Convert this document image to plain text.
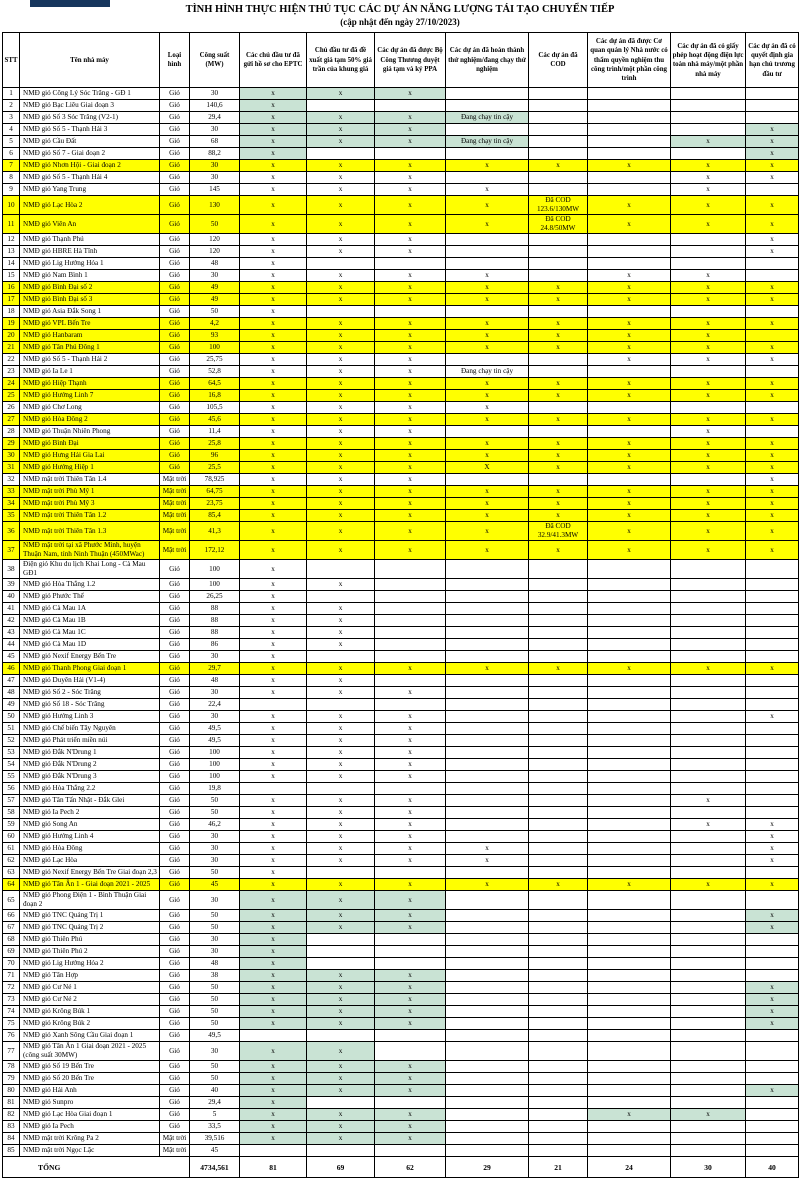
TÌNH HÌNH THỰC HIỆN THỦ TỤC CÁC DỰ ÁN NĂNG LƯỢNG TÁI TẠO CHUYỂN TIẾP
(cập nhật đến ngày 27/10/2023)
STT	Tên nhà máy	Loại hình	Công suất (MW)	Các chủ đầu tư đã gửi hồ sơ cho EPTC	Chủ đầu tư đã đề xuất giá tạm 50% giá trần của khung giá	Các dự án đã được Bộ Công Thương duyệt giá tạm và ký PPA	Các dự án đã hoàn thành thử nghiệm/đang chạy thử nghiệm	Các dự án đã COD	Các dự án đã được Cơ quan quản lý Nhà nước có thẩm quyền nghiệm thu công trình/một phần công trình	Các dự án đã có giấy phép hoạt động điện lực toàn nhà máy/một phần nhà máy	Các dự án đã có quyết định gia hạn chủ trương đầu tư
1	NMĐ gió Công Lý Sóc Trăng - GĐ 1	Gió	30	x	x	x					
2	NMĐ gió Bạc Liêu Giai đoạn 3	Gió	140,6	x							
3	NMĐ gió Số 3 Sóc Trăng (V2-1)	Gió	29,4	x	x	x	Đang chạy tin cậy				
4	NMĐ gió Số 5 - Thạnh Hải 3	Gió	30	x	x	x					x
5	NMĐ gió Cầu Đất	Gió	68	x	x	x	Đang chạy tin cậy			x	x
6	NMĐ gió Số 7 - Giai đoạn 2	Gió	88,2	x							x
7	NMĐ gió Nhơn Hội - Giai đoạn 2	Gió	30	x	x	x	x	x	x	x	x
8	NMĐ gió Số 5 - Thạnh Hải 4	Gió	30	x	x	x				x	x
9	NMĐ gió Yang Trung	Gió	145	x	x	x	x			x	
10	NMĐ gió Lạc Hòa 2	Gió	130	x	x	x	x	Đã COD 123.6/130MW	x	x	x
11	NMĐ gió Viên An	Gió	50	x	x	x	x	Đã COD 24.8/50MW	x	x	x
12	NMĐ gió Thạnh Phú	Gió	120	x	x	x					x
13	NMĐ gió HBRE Hà Tĩnh	Gió	120	x	x	x					x
14	NMĐ gió Lig Hướng Hóa 1	Gió	48	x							
15	NMĐ gió Nam Bình 1	Gió	30	x	x	x	x		x	x	
16	NMĐ gió Bình Đại số 2	Gió	49	x	x	x	x	x	x	x	x
17	NMĐ gió Bình Đại số 3	Gió	49	x	x	x	x	x	x	x	x
18	NMĐ gió Asia Đắk Song 1	Gió	50	x							
19	NMĐ gió VPL Bến Tre	Gió	4,2	x	x	x	x	x	x	x	x
20	NMĐ gió Hanbaram	Gió	93	x	x	x	x	x	x	x	
21	NMĐ gió Tân Phú Đông 1	Gió	100	x	x	x	x	x	x	x	x
22	NMĐ gió Số 5 - Thạnh Hải 2	Gió	25,75	x	x	x			x	x	x
23	NMĐ gió Ia Le 1	Gió	52,8	x	x	x	Đang chạy tin cậy				
24	NMĐ gió Hiệp Thạnh	Gió	64,5	x	x	x	x	x	x	x	x
25	NMĐ gió Hướng Linh 7	Gió	16,8	x	x	x	x	x	x	x	x
26	NMĐ gió Chơ Long	Gió	105,5	x	x	x	x				
27	NMĐ gió Hòa Đông 2	Gió	45,6	x	x	x	x	x	x	x	x
28	NMĐ gió Thuận Nhiên Phong	Gió	11,4	x	x	x				x	
29	NMĐ gió Bình Đại	Gió	25,8	x	x	x	x	x	x	x	x
30	NMĐ gió Hưng Hải Gia Lai	Gió	96	x	x	x	x	x	x	x	x
31	NMĐ gió Hướng Hiệp 1	Gió	25,5	x	x	x	X	x	x	x	x
32	NMĐ mặt trời Thiên Tân 1.4	Mặt trời	78,925	x	x	x					x
33	NMĐ mặt trời Phù Mỹ 1	Mặt trời	64,75	x	x	x	x	x	x	x	x
34	NMĐ mặt trời Phù Mỹ 3	Mặt trời	23,75	x	x	x	x	x	x	x	x
35	NMĐ mặt trời Thiên Tân 1.2	Mặt trời	85,4	x	x	x	x	x	x	x	x
36	NMĐ mặt trời Thiên Tân 1.3	Mặt trời	41,3	x	x	x	x	Đã COD 32.9/41.3MW	x	x	x
37	NMĐ mặt trời tại xã Phước Minh, huyện Thuận Nam, tỉnh Ninh Thuận (450MWac)	Mặt trời	172,12	x	x	x	x	x	x	x	x
38	Điện gió Khu du lịch Khai Long - Cà Mau GĐ1	Gió	100	x							
39	NMĐ gió Hòa Thắng 1.2	Gió	100	x	x						
40	NMĐ gió Phước Thể	Gió	26,25	x							
41	NMĐ gió Cà Mau 1A	Gió	88	x	x						
42	NMĐ gió Cà Mau 1B	Gió	88	x	x						
43	NMĐ gió Cà Mau 1C	Gió	88	x	x						
44	NMĐ gió Cà Mau 1D	Gió	86	x	x						
45	NMĐ gió Nexif Energy Bến Tre	Gió	30	x							
46	NMĐ gió Thanh Phong Giai đoạn 1	Gió	29,7	x	x	x	x	x	x	x	x
47	NMĐ gió Duyên Hải (V1-4)	Gió	48	x	x						
48	NMĐ gió Số 2 - Sóc Trăng	Gió	30	x	x	x					
49	NMĐ gió Số 18 - Sóc Trăng	Gió	22,4								
50	NMĐ gió Hướng Linh 3	Gió	30	x	x	x					x
51	NMĐ gió Chế biến Tây Nguyên	Gió	49,5	x	x	x					
52	NMĐ gió Phát triển miền núi	Gió	49,5	x	x	x					
53	NMĐ gió Đắk N'Drung 1	Gió	100	x	x	x					
54	NMĐ gió Đắk N'Drung 2	Gió	100	x	x	x					
55	NMĐ gió Đắk N'Drung 3	Gió	100	x	x	x					
56	NMĐ gió Hòa Thắng 2.2	Gió	19,8								
57	NMĐ gió Tân Tấn Nhật - Đắk Glei	Gió	50	x	x	x				x	
58	NMĐ gió Ia Pech 2	Gió	50	x	x	x					
59	NMĐ gió Song An	Gió	46,2	x	x	x				x	x
60	NMĐ gió Hướng Linh 4	Gió	30	x	x	x					x
61	NMĐ gió Hòa Đông	Gió	30	x	x	x	x				x
62	NMĐ gió Lạc Hòa	Gió	30	x	x	x	x				x
63	NMĐ gió Nexif Energy Bến Tre Giai đoạn 2,3	Gió	50	x							
64	NMĐ gió Tân Ân 1 - Giai đoạn 2021 - 2025	Gió	45	x	x	x	x	x	x	x	x
65	NMĐ gió Phong Điện 1 - Bình Thuận Giai đoạn 2	Gió	30	x	x	x					
66	NMĐ gió TNC Quảng Trị 1	Gió	50	x	x	x					x
67	NMĐ gió TNC Quảng Trị 2	Gió	50	x	x	x					x
68	NMĐ gió Thiên Phú	Gió	30	x							
69	NMĐ gió Thiên Phú 2	Gió	30	x							
70	NMĐ gió Lig Hướng Hóa 2	Gió	48	x							
71	NMĐ gió Tân Hợp	Gió	38	x	x	x					
72	NMĐ gió Cư Né 1	Gió	50	x	x	x					x
73	NMĐ gió Cư Né 2	Gió	50	x	x	x					x
74	NMĐ gió Krông Búk 1	Gió	50	x	x	x					x
75	NMĐ gió Krông Búk 2	Gió	50	x	x	x					x
76	NMĐ gió Xanh Sông Cầu Giai đoạn 1	Gió	49,5								
77	NMĐ gió Tân Ân 1 Giai đoạn 2021 - 2025 (công suất 30MW)	Gió	30	x	x						
78	NMĐ gió Số 19 Bến Tre	Gió	50	x	x	x					
79	NMĐ gió Số 20 Bến Tre	Gió	50	x	x	x					
80	NMĐ gió Hải Anh	Gió	40	x	x	x					x
81	NMĐ gió Sunpro	Gió	29,4	x							
82	NMĐ gió Lạc Hòa Giai đoạn 1	Gió	5	x	x	x			x	x	
83	NMĐ gió Ia Pech	Gió	33,5	x	x	x					
84	NMĐ mặt trời Krông Pa 2	Mặt trời	39,516	x	x	x					
85	NMĐ mặt trời Ngọc Lặc	Mặt trời	45								
TỔNG			4734,561	81	69	62	29	21	24	30	40
